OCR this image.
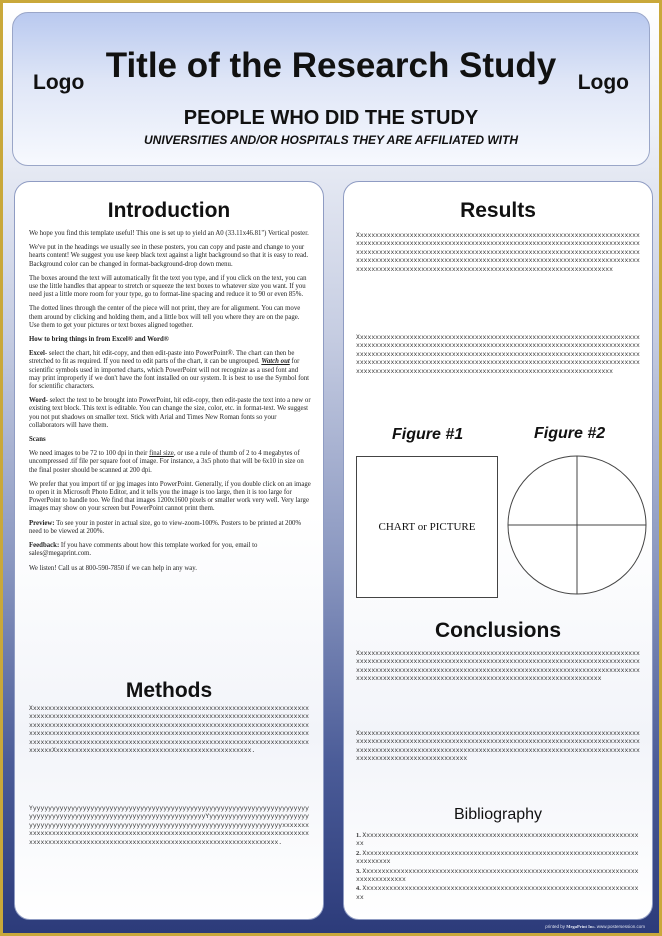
Logo	Logo
Title of the Research Study
PEOPLE WHO DID THE STUDY
UNIVERSITIES AND/OR HOSPITALS THEY ARE AFFILIATED WITH
Introduction

We hope you find this template useful! This one is set up to yield an A0 (33.11x46.81") Vertical poster.

We've put in the headings we usually see in these posters, you can copy and paste and change to your hearts content! We suggest you use keep black text against a light background so that it is easy to read. Background color can be changed in format-background-drop down menu.

The boxes around the text will automatically fit the text you type, and if you click on the text, you can use the little handles that appear to stretch or squeeze the text boxes to whatever size you want. If you need just a little more room for your type, go to format-line spacing and reduce it to 90 or even 85%.

The dotted lines through the center of the piece will not print, they are for alignment. You can move them around by clicking and holding them, and a little box will tell you where they are on the page. Use them to get your pictures or text boxes aligned together.

How to bring things in from Excel® and Word®

Excel- select the chart, hit edit-copy, and then edit-paste into PowerPoint®. The chart can then be stretched to fit as required. If you need to edit parts of the chart, it can be ungrouped. Watch out for scientific symbols used in imported charts, which PowerPoint will not recognize as a used font and may print improperly if we don't have the font installed on our system. It is best to use the Symbol font for scientific characters.

Word- select the text to be brought into PowerPoint, hit edit-copy, then edit-paste the text into a new or existing text block. This text is editable. You can change the size, color, etc. in format-text. We suggest you not put shadows on smaller text. Stick with Arial and Times New Roman fonts so your collaborators will have them.

Scans

We need images to be 72 to 100 dpi in their final size, or use a rule of thumb of 2 to 4 megabytes of uncompressed .tif file per square foot of image. For instance, a 3x5 photo that will be 6x10 in size on the final poster should be scanned at 200 dpi.

We prefer that you import tif or jpg images into PowerPoint. Generally, if you double click on an image to open it in Microsoft Photo Editor, and it tells you the image is too large, then it is too large for PowerPoint to handle too. We find that images 1200x1600 pixels or smaller work very well. Very large images may show on your screen but PowerPoint cannot print them.

Preview: To see your in poster in actual size, go to view-zoom-100%. Posters to be printed at 200% need to be viewed at 200%.

Feedback: If you have comments about how this template worked for you, email to sales@megaprint.com.

We listen! Call us at 800-590-7850 if we can help in any way.

Methods
XxxxxxxxxxxxxxxxxxxxxxxxxxxxxxxxxxxxxxxxxxxxxxxxxxxxxxxxxxxxxxxxxxxxxxxxxxxxxxxxxxxxxxxxxxxxxxxxxxxxxxxxxxxxxxxxxxxxxxxxxxxxxxxxxxxxxxxxxxxxxxxxxxxxxxxxxxxxxxxxxxxxxxxxxxxxxxxxxxxxxxxxxxxxxxxxxxxxxxxxxxxxxxxxxxxxxxxxxxxxxxxxxxxxxxxxxxxxxxxxxxxxxxxxxxxxxxxxxxxxxxxxxxxxxxxxxxxxxxxxxxxxxxxxxxxxxxxxxxxxxxxxxxxxxxxxxxxxxxxxxxxxxxxxxxxxxxxxxxxxxxxxxxxxxxxxxxxxxxxxxxxxxxxxxxxXxxxxxxxxxxxxxxxxxxxxxxxxxxxxxxxxxxxxxxxxxxxxxxxxxxx.
YyyyyyyyyyyyyyyyyyyyyyyyyyyyyyyyyyyyyyyyyyyyyyyyyyyyyyyyyyyyyyyyyyyyyyyyyyyyyyyyyyyyyyyyyyyyyyyyyyyyyyyyyyyyyyyyyyyyyyyYyyyyyyyyyyyyyyyyyyyyyyyyyyyyyyyyyyyyyyyyyyyyyyyyyyyyyyyyyyyyyyyyyyyyyyyyyyyyyyyyyyyyyyyyyyyyxxxxxxxxxxxxxxxxxxxxxxxxxxxxxxxxxxxxxxxxxxxxxxxxxxxxxxxxxxxxxxxxxxxxxxxxxxxxxxxxxxxxxxxxxxxxxxxxxxxxxxxxxxxxxxxxxxxxxxxxxxxxxxxxxxxxxxxxxxxxxxxxx.
Results
Xxxxxxxxxxxxxxxxxxxxxxxxxxxxxxxxxxxxxxxxxxxxxxxxxxxxxxxxxxxxxxxxxxxxxxxxxxxxxxxxxxxxxxxxxxxxxxxxxxxxxxxxxxxxxxxxxxxxxxxxxxxxxxxxxxxxxxxxxxxxxxxxxxxxxxxxxxxxxxxxxxxxxxxxxxxxxxxxxxxxxxxxxxxxxxxxxxxxxxxxxxxxxxxxxxxxxxxxxxxxxxxxxxxxxxxxxxxxxxxxxxxxxxxxxxxxxxxxxxxxxxxxxxxxxxxxxxxxxxxxxxxxxxxxxxxxxxxxxxxxxxxxxxxxxxxxxxxxxxxxxxxxxxxxxxxxxxxxxxxxxxxxxxxxxxxxxxxxxxxxxxx
Xxxxxxxxxxxxxxxxxxxxxxxxxxxxxxxxxxxxxxxxxxxxxxxxxxxxxxxxxxxxxxxxxxxxxxxxxxxxxxxxxxxxxxxxxxxxxxxxxxxxxxxxxxxxxxxxxxxxxxxxxxxxxxxxxxxxxxxxxxxxxxxxxxxxxxxxxxxxxxxxxxxxxxxxxxxxxxxxxxxxxxxxxxxxxxxxxxxxxxxxxxxxxxxxxxxxxxxxxxxxxxxxxxxxxxxxxxxxxxxxxxxxxxxxxxxxxxxxxxxxxxxxxxxxxxxxxxxxxxxxxxxxxxxxxxxxxxxxxxxxxxxxxxxxxxxxxxxxxxxxxxxxxxxxxxxxxxxxxxxxxxxxxxxxxxxxxxxxxxxxxxx
Figure #1	Figure #2
CHART or PICTURE
Conclusions
Xxxxxxxxxxxxxxxxxxxxxxxxxxxxxxxxxxxxxxxxxxxxxxxxxxxxxxxxxxxxxxxxxxxxxxxxxxxxxxxxxxxxxxxxxxxxxxxxxxxxxxxxxxxxxxxxxxxxxxxxxxxxxxxxxxxxxxxxxxxxxxxxxxxxxxxxxxxxxxxxxxxxxxxxxxxxxxxxxxxxxxxxxxxxxxxxxxxxxxxxxxxxxxxxxxxxxxxxxxxxxxxxxxxxxxxxxxxxxxxxxxxxxxxxxxxxxxxxxxxxxxxxxxxxxxxxxxxxxxxxxxxxxx
Xxxxxxxxxxxxxxxxxxxxxxxxxxxxxxxxxxxxxxxxxxxxxxxxxxxxxxxxxxxxxxxxxxxxxxxxxxxxxxxxxxxxxxxxxxxxxxxxxxxxxxxxxxxxxxxxxxxxxxxxxxxxxxxxxxxxxxxxxxxxxxxxxxxxxxxxxxxxxxxxxxxxxxxxxxxxxxxxxxxxxxxxxxxxxxxxxxxxxxxxxxxxxxxxxxxxxxxxxxxxxxxxxxxxxxxxxxxxxxxxxxxxxxxxxxx
Bibliography
1. Xxxxxxxxxxxxxxxxxxxxxxxxxxxxxxxxxxxxxxxxxxxxxxxxxxxxxxxxxxxxxxxxxxxxxxxxxx
2. Xxxxxxxxxxxxxxxxxxxxxxxxxxxxxxxxxxxxxxxxxxxxxxxxxxxxxxxxxxxxxxxxxxxxxxxxxxxxxxxxx
3. Xxxxxxxxxxxxxxxxxxxxxxxxxxxxxxxxxxxxxxxxxxxxxxxxxxxxxxxxxxxxxxxxxxxxxxxxxxxxxxxxxxxxx
4. Xxxxxxxxxxxxxxxxxxxxxxxxxxxxxxxxxxxxxxxxxxxxxxxxxxxxxxxxxxxxxxxxxxxxxxxxxx
printed by MegaPrint Inc. www.postersession.com
